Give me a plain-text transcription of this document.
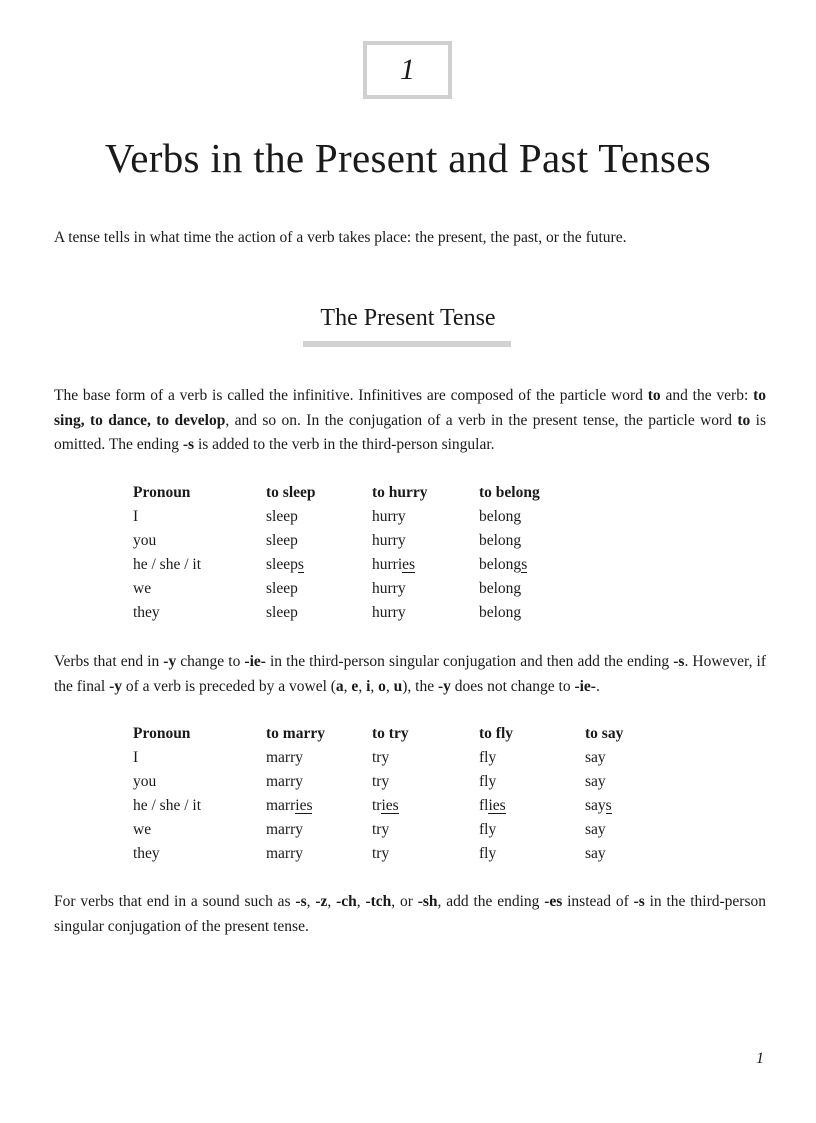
1
Verbs in the Present and Past Tenses

A tense tells in what time the action of a verb takes place: the present, the past, or the future.

The Present Tense

The base form of a verb is called the infinitive. Infinitives are composed of the particle word to and the verb: to sing, to dance, to develop, and so on. In the conjugation of a verb in the present tense, the particle word to is omitted. The ending -s is added to the verb in the third-person singular.

Pronoun	to sleep	to hurry	to belong
I	sleep	hurry	belong
you	sleep	hurry	belong
he / she / it	sleeps	hurries	belongs
we	sleep	hurry	belong
they	sleep	hurry	belong

Verbs that end in -y change to -ie- in the third-person singular conjugation and then add the ending -s. However, if the final -y of a verb is preceded by a vowel (a, e, i, o, u), the -y does not change to -ie-.

Pronoun	to marry	to try	to fly	to say
I	marry	try	fly	say
you	marry	try	fly	say
he / she / it	marries	tries	flies	says
we	marry	try	fly	say
they	marry	try	fly	say

For verbs that end in a sound such as -s, -z, -ch, -tch, or -sh, add the ending -es instead of -s in the third-person singular conjugation of the present tense.

1
